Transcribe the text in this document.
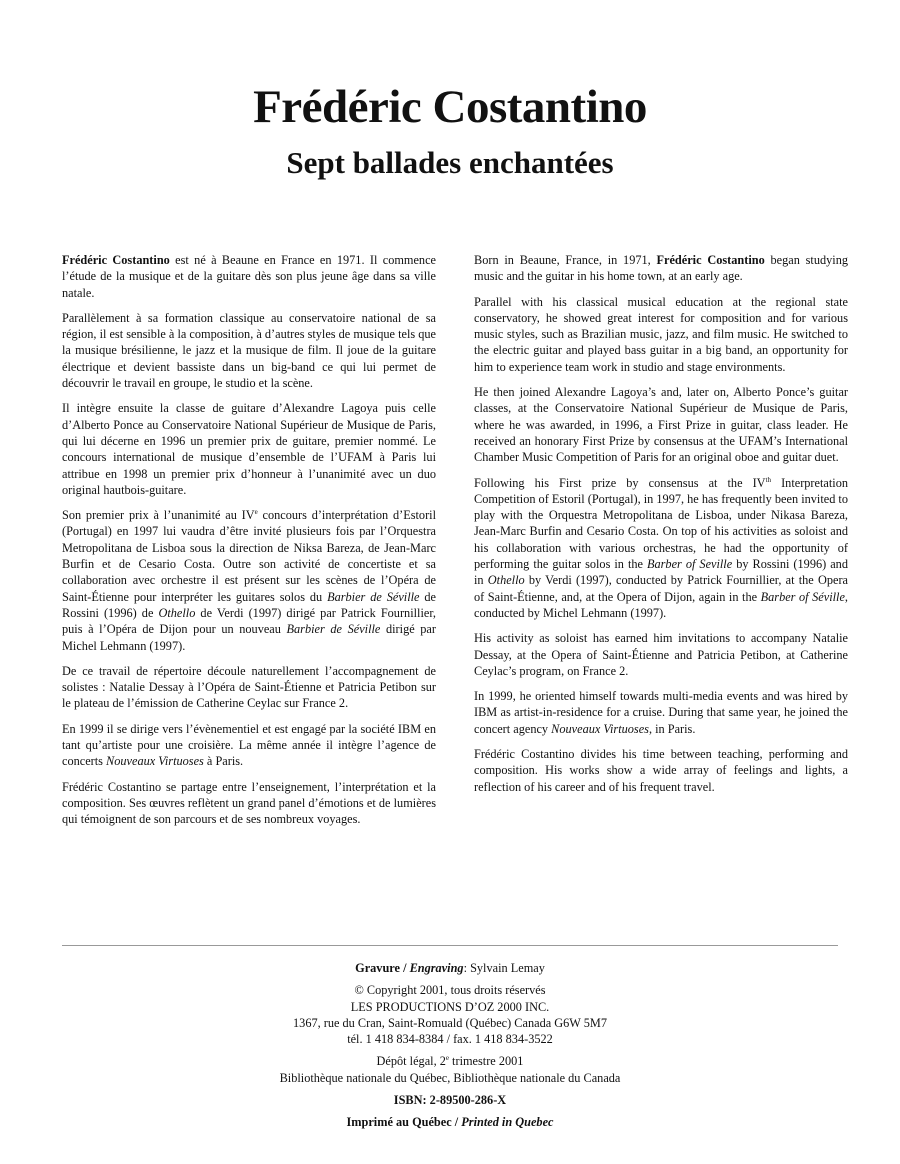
Frédéric Costantino
Sept ballades enchantées

Frédéric Costantino est né à Beaune en France en 1971. Il commence l’étude de la musique et de la guitare dès son plus jeune âge dans sa ville natale.

Parallèlement à sa formation classique au conservatoire national de sa région, il est sensible à la composition, à d’autres styles de musique tels que la musique brésilienne, le jazz et la musique de film. Il joue de la guitare électrique et devient bassiste dans un big-band ce qui lui permet de découvrir le travail en groupe, le studio et la scène.

Il intègre ensuite la classe de guitare d’Alexandre Lagoya puis celle d’Alberto Ponce au Conservatoire National Supérieur de Musique de Paris, qui lui décerne en 1996 un premier prix de guitare, premier nommé. Le concours international de musique d’ensemble de l’UFAM à Paris lui attribue en 1998 un premier prix d’honneur à l’unanimité avec un duo original hautbois-guitare.

Son premier prix à l’unanimité au IVe concours d’interprétation d’Estoril (Portugal) en 1997 lui vaudra d’être invité plusieurs fois par l’Orquestra Metropolitana de Lisboa sous la direction de Niksa Bareza, de Jean-Marc Burfin et de Cesario Costa. Outre son activité de concertiste et sa collaboration avec orchestre il est présent sur les scènes de l’Opéra de Saint-Étienne pour interpréter les guitares solos du Barbier de Séville de Rossini (1996) de Othello de Verdi (1997) dirigé par Patrick Fournillier, puis à l’Opéra de Dijon pour un nouveau Barbier de Séville dirigé par Michel Lehmann (1997).

De ce travail de répertoire découle naturellement l’accompagnement de solistes : Natalie Dessay à l’Opéra de Saint-Étienne et Patricia Petibon sur le plateau de l’émission de Catherine Ceylac sur France 2.

En 1999 il se dirige vers l’évènementiel et est engagé par la société IBM en tant qu’artiste pour une croisière. La même année il intègre l’agence de concerts Nouveaux Virtuoses à Paris.

Frédéric Costantino se partage entre l’enseignement, l’interprétation et la composition. Ses œuvres reflètent un grand panel d’émotions et de lumières qui témoignent de son parcours et de ses nombreux voyages.

Born in Beaune, France, in 1971, Frédéric Costantino began studying music and the guitar in his home town, at an early age.

Parallel with his classical musical education at the regional state conservatory, he showed great interest for composition and for various music styles, such as Brazilian music, jazz, and film music. He switched to the electric guitar and played bass guitar in a big band, an opportunity for him to experience team work in studio and stage environments.

He then joined Alexandre Lagoya’s and, later on, Alberto Ponce’s guitar classes, at the Conservatoire National Supérieur de Musique de Paris, where he was awarded, in 1996, a First Prize in guitar, class leader. He received an honorary First Prize by consensus at the UFAM’s International Chamber Music Competition of Paris for an original oboe and guitar duet.

Following his First prize by consensus at the IVth Interpretation Competition of Estoril (Portugal), in 1997, he has frequently been invited to play with the Orquestra Metropolitana de Lisboa, under Nikasa Bareza, Jean-Marc Burfin and Cesario Costa. On top of his activities as soloist and his collaboration with various orchestras, he had the opportunity of performing the guitar solos in the Barber of Seville by Rossini (1996) and in Othello by Verdi (1997), conducted by Patrick Fournillier, at the Opera of Saint-Étienne, and, at the Opera of Dijon, again in the Barber of Séville, conducted by Michel Lehmann (1997).

His activity as soloist has earned him invitations to accompany Natalie Dessay, at the Opera of Saint-Étienne and Patricia Petibon, at Catherine Ceylac’s program, on France 2.

In 1999, he oriented himself towards multi-media events and was hired by IBM as artist-in-residence for a cruise. During that same year, he joined the concert agency Nouveaux Virtuoses, in Paris.

Frédéric Costantino divides his time between teaching, performing and composition. His works show a wide array of feelings and lights, a reflection of his career and of his frequent travel.

Gravure / Engraving: Sylvain Lemay
© Copyright 2001, tous droits réservés
LES PRODUCTIONS D’OZ 2000 INC.
1367, rue du Cran, Saint-Romuald (Québec) Canada G6W 5M7
tél. 1 418 834-8384 / fax. 1 418 834-3522
Dépôt légal, 2e trimestre 2001
Bibliothèque nationale du Québec, Bibliothèque nationale du Canada
ISBN: 2-89500-286-X
Imprimé au Québec / Printed in Quebec
